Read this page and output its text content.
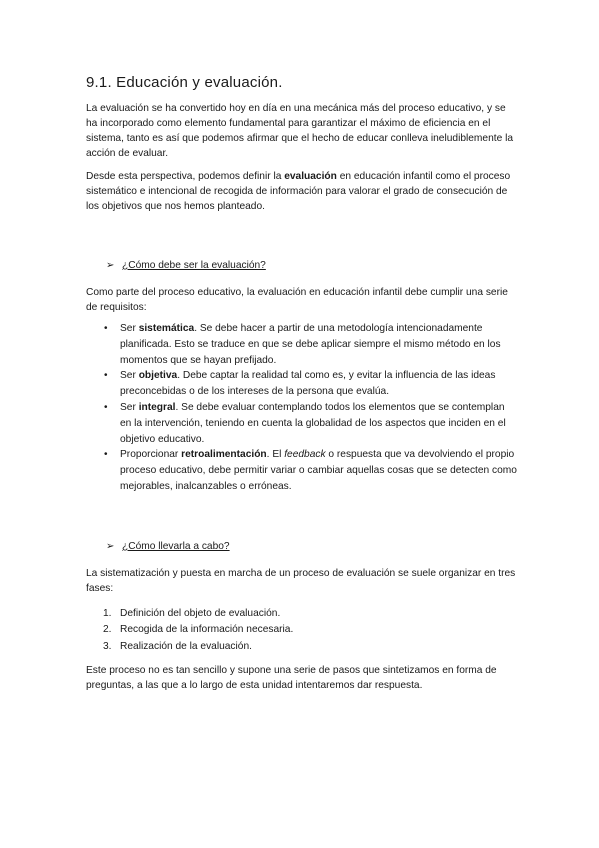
9.1. Educación y evaluación.

La evaluación se ha convertido hoy en día en una mecánica más del proceso educativo, y se ha incorporado como elemento fundamental para garantizar el máximo de eficiencia en el sistema, tanto es así que podemos afirmar que el hecho de educar conlleva ineludiblemente la acción de evaluar.

Desde esta perspectiva, podemos definir la evaluación en educación infantil como el proceso sistemático e intencional de recogida de información para valorar el grado de consecución de los objetivos que nos hemos planteado.

➢ ¿Cómo debe ser la evaluación?

Como parte del proceso educativo, la evaluación en educación infantil debe cumplir una serie de requisitos:

• Ser sistemática. Se debe hacer a partir de una metodología intencionadamente planificada. Esto se traduce en que se debe aplicar siempre el mismo método en los momentos que se hayan prefijado.
• Ser objetiva. Debe captar la realidad tal como es, y evitar la influencia de las ideas preconcebidas o de los intereses de la persona que evalúa.
• Ser integral. Se debe evaluar contemplando todos los elementos que se contemplan en la intervención, teniendo en cuenta la globalidad de los aspectos que inciden en el objetivo educativo.
• Proporcionar retroalimentación. El feedback o respuesta que va devolviendo el propio proceso educativo, debe permitir variar o cambiar aquellas cosas que se detecten como mejorables, inalcanzables o erróneas.
➢ ¿Cómo llevarla a cabo?

La sistematización y puesta en marcha de un proceso de evaluación se suele organizar en tres fases:

1. Definición del objeto de evaluación.
2. Recogida de la información necesaria.
3. Realización de la evaluación.

Este proceso no es tan sencillo y supone una serie de pasos que sintetizamos en forma de preguntas, a las que a lo largo de esta unidad intentaremos dar respuesta.
